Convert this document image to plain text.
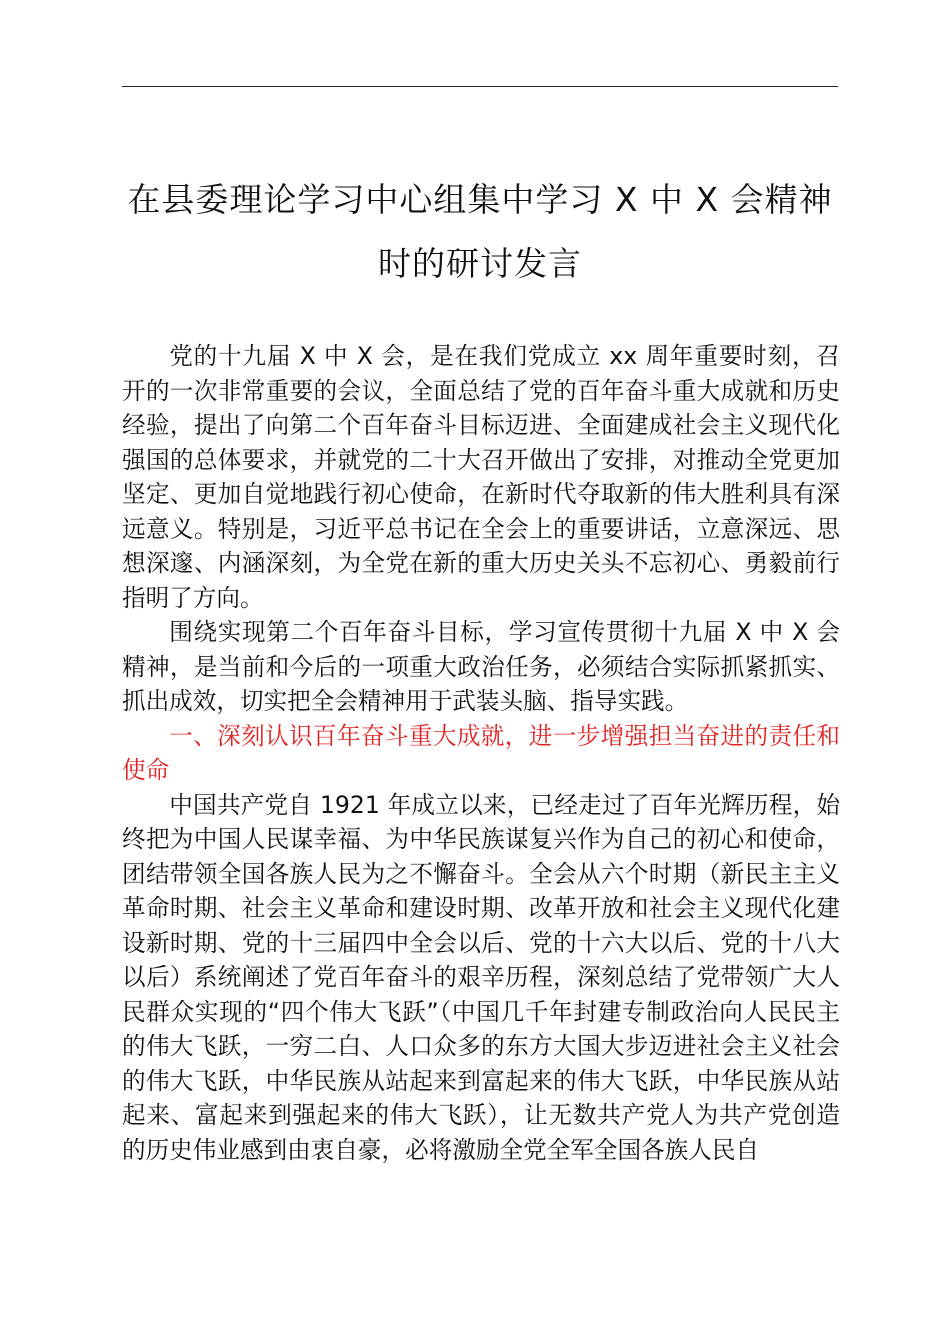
在县委理论学习中心组集中学习 X 中 X 会精神
时的研讨发言

党的十九届 X 中 X 会，是在我们党成立 xx 周年重要时刻，召开的一次非常重要的会议，全面总结了党的百年奋斗重大成就和历史经验，提出了向第二个百年奋斗目标迈进、全面建成社会主义现代化强国的总体要求，并就党的二十大召开做出了安排，对推动全党更加坚定、更加自觉地践行初心使命，在新时代夺取新的伟大胜利具有深远意义。特别是，习近平总书记在全会上的重要讲话，立意深远、思想深邃、内涵深刻，为全党在新的重大历史关头不忘初心、勇毅前行指明了方向。

围绕实现第二个百年奋斗目标，学习宣传贯彻十九届 X 中 X 会精神，是当前和今后的一项重大政治任务，必须结合实际抓紧抓实、抓出成效，切实把全会精神用于武装头脑、指导实践。

一、深刻认识百年奋斗重大成就，进一步增强担当奋进的责任和使命

中国共产党自 1921 年成立以来，已经走过了百年光辉历程，始终把为中国人民谋幸福、为中华民族谋复兴作为自己的初心和使命，团结带领全国各族人民为之不懈奋斗。全会从六个时期（新民主主义革命时期、社会主义革命和建设时期、改革开放和社会主义现代化建设新时期、党的十三届四中全会以后、党的十六大以后、党的十八大以后）系统阐述了党百年奋斗的艰辛历程，深刻总结了党带领广大人民群众实现的“四个伟大飞跃”（中国几千年封建专制政治向人民民主的伟大飞跃，一穷二白、人口众多的东方大国大步迈进社会主义社会的伟大飞跃，中华民族从站起来到富起来的伟大飞跃，中华民族从站起来、富起来到强起来的伟大飞跃），让无数共产党人为共产党创造的历史伟业感到由衷自豪，必将激励全党全军全国各族人民自
